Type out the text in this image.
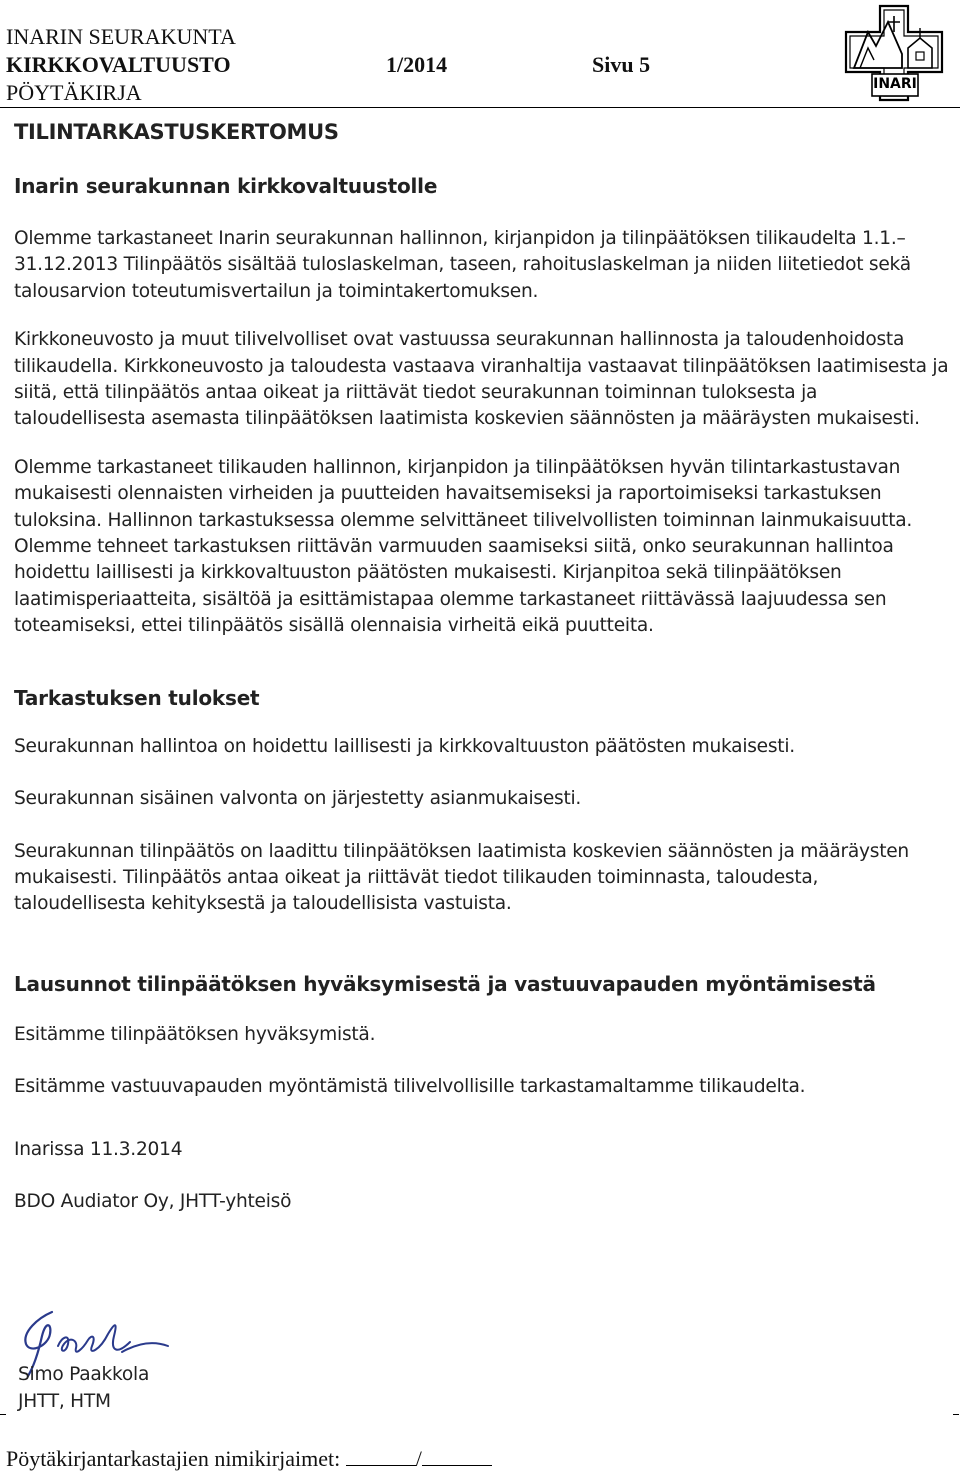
INARIN SEURAKUNTA
KIRKKOVALTUUSTO	1/2014	Sivu 5
PÖYTÄKIRJA	INARI

TILINTARKASTUSKERTOMUS

Inarin seurakunnan kirkkovaltuustolle

Olemme tarkastaneet Inarin seurakunnan hallinnon, kirjanpidon ja tilinpäätöksen tilikaudelta 1.1.–31.12.2013 Tilinpäätös sisältää tuloslaskelman, taseen, rahoituslaskelman ja niiden liitetiedot sekä talousarvion toteutumisvertailun ja toimintakertomuksen.

Kirkkoneuvosto ja muut tilivelvolliset ovat vastuussa seurakunnan hallinnosta ja taloudenhoidosta tilikaudella. Kirkkoneuvosto ja taloudesta vastaava viranhaltija vastaavat tilinpäätöksen laatimisesta ja siitä, että tilinpäätös antaa oikeat ja riittävät tiedot seurakunnan toiminnan tuloksesta ja taloudellisesta asemasta tilinpäätöksen laatimista koskevien säännösten ja määräysten mukaisesti.

Olemme tarkastaneet tilikauden hallinnon, kirjanpidon ja tilinpäätöksen hyvän tilintarkastustavan mukaisesti olennaisten virheiden ja puutteiden havaitsemiseksi ja raportoimiseksi tarkastuksen tuloksina. Hallinnon tarkastuksessa olemme selvittäneet tilivelvollisten toiminnan lainmukaisuutta. Olemme tehneet tarkastuksen riittävän varmuuden saamiseksi siitä, onko seurakunnan hallintoa hoidettu laillisesti ja kirkkovaltuuston päätösten mukaisesti. Kirjanpitoa sekä tilinpäätöksen laatimisperiaatteita, sisältöä ja esittämistapaa olemme tarkastaneet riittävässä laajuudessa sen toteamiseksi, ettei tilinpäätös sisällä olennaisia virheitä eikä puutteita.

Tarkastuksen tulokset

Seurakunnan hallintoa on hoidettu laillisesti ja kirkkovaltuuston päätösten mukaisesti.

Seurakunnan sisäinen valvonta on järjestetty asianmukaisesti.

Seurakunnan tilinpäätös on laadittu tilinpäätöksen laatimista koskevien säännösten ja määräysten mukaisesti. Tilinpäätös antaa oikeat ja riittävät tiedot tilikauden toiminnasta, taloudesta, taloudellisesta kehityksestä ja taloudellisista vastuista.

Lausunnot tilinpäätöksen hyväksymisestä ja vastuuvapauden myöntämisestä

Esitämme tilinpäätöksen hyväksymistä.

Esitämme vastuuvapauden myöntämistä tilivelvollisille tarkastamaltamme tilikaudelta.

Inarissa 11.3.2014

BDO Audiator Oy, JHTT-yhteisö

Simo Paakkola
JHTT, HTM
Pöytäkirjantarkastajien nimikirjaimet:	/
